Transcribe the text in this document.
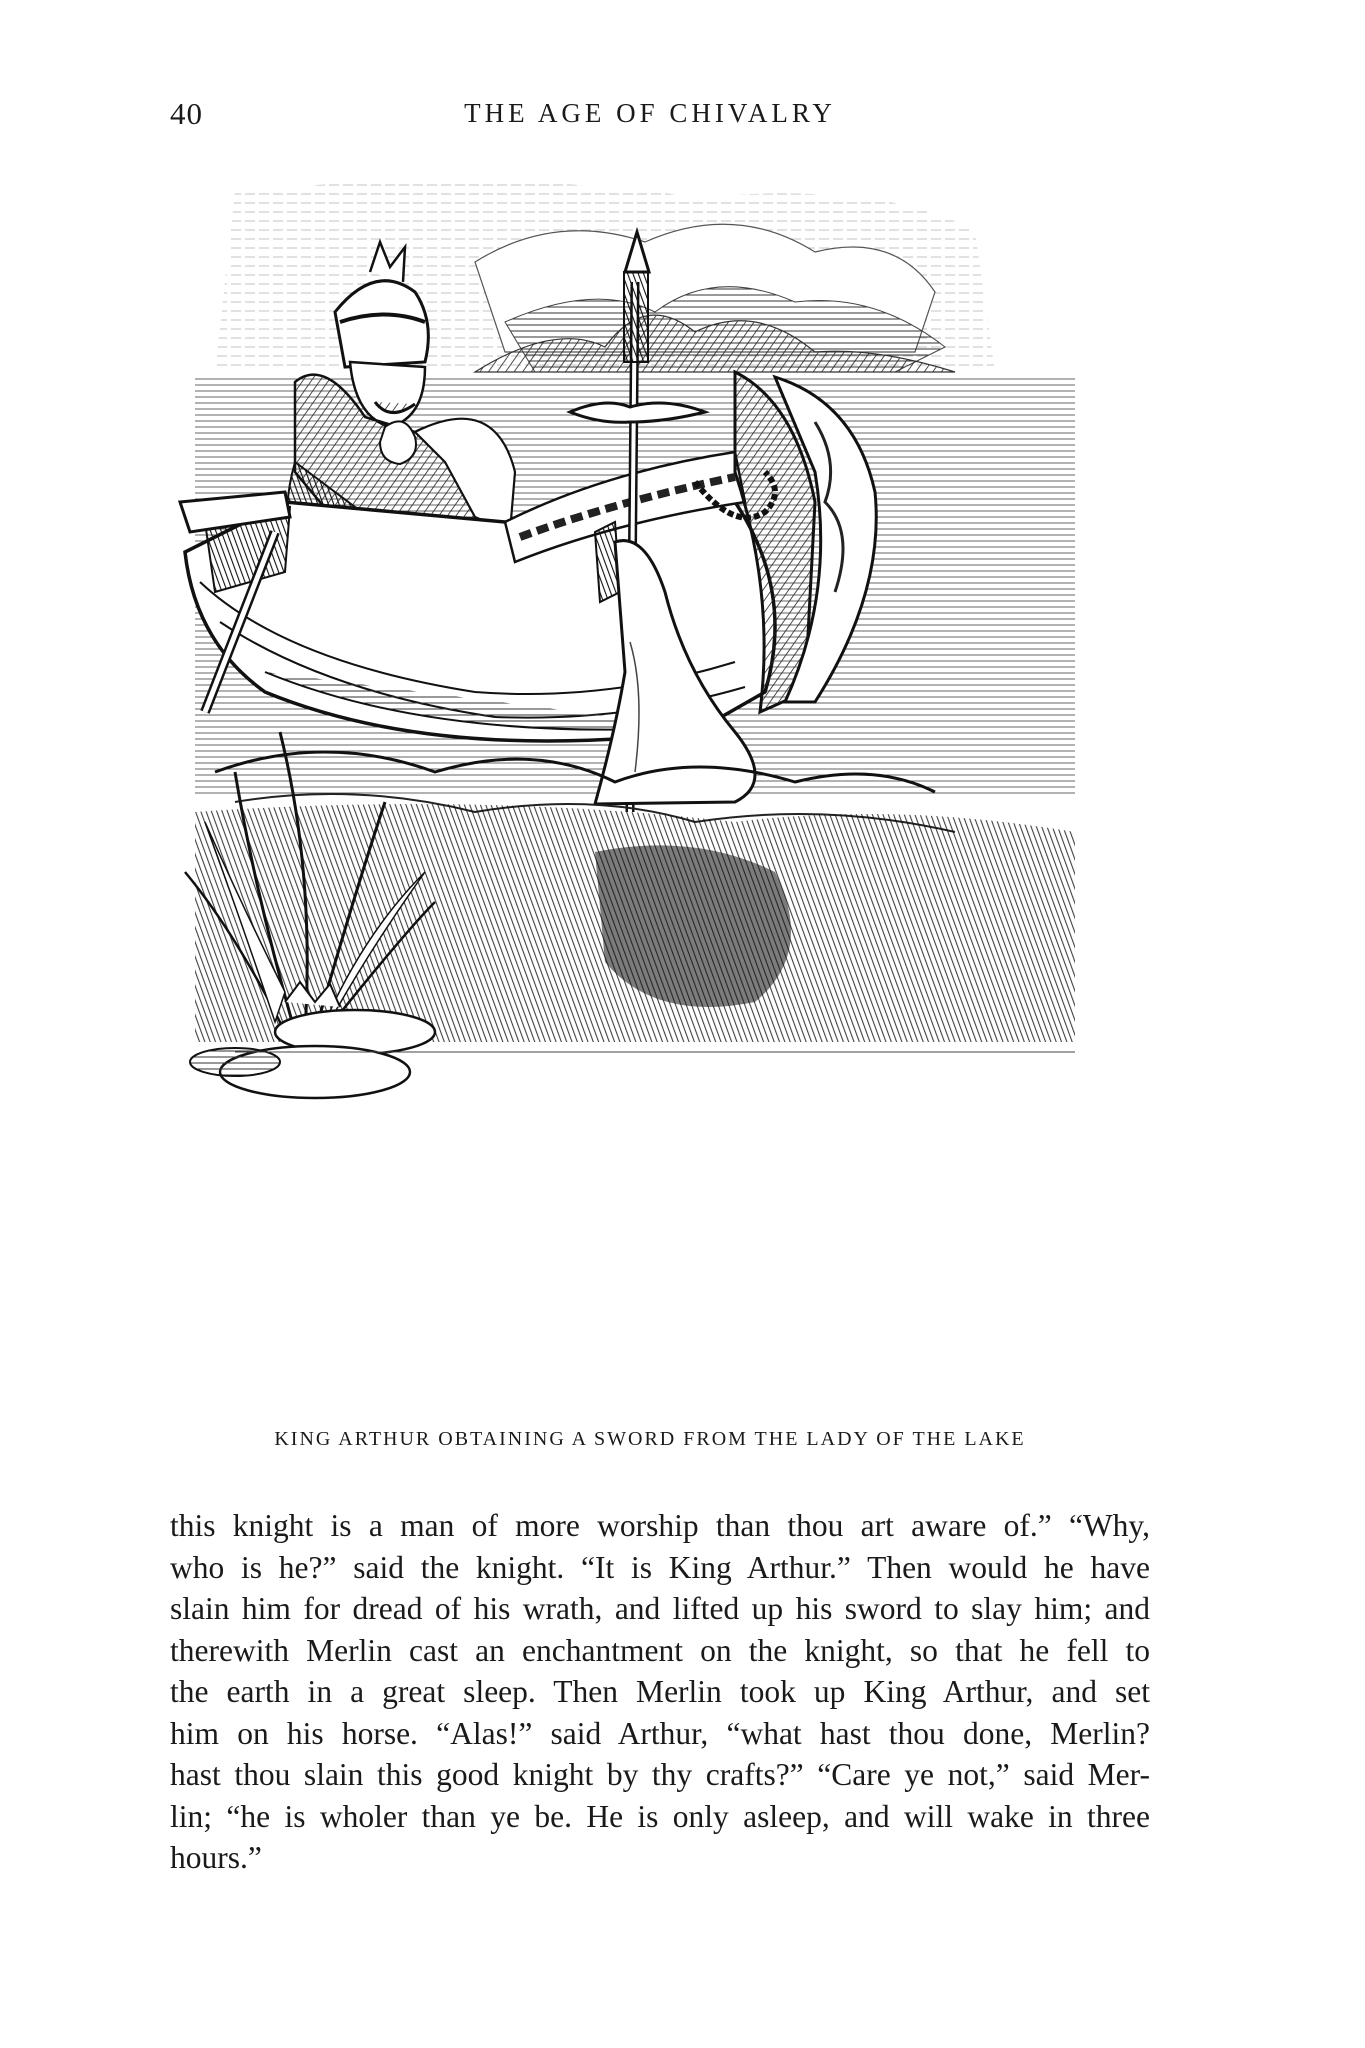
40	THE AGE OF CHIVALRY
KING ARTHUR OBTAINING A SWORD FROM THE LADY OF THE LAKE
this knight is a man of more worship than thou art aware of.” “Why,
who is he?” said the knight. “It is King Arthur.” Then would he have
slain him for dread of his wrath, and lifted up his sword to slay him; and
therewith Merlin cast an enchantment on the knight, so that he fell to
the earth in a great sleep. Then Merlin took up King Arthur, and set
him on his horse. “Alas!” said Arthur, “what hast thou done, Merlin?
hast thou slain this good knight by thy crafts?” “Care ye not,” said Mer-
lin; “he is wholer than ye be. He is only asleep, and will wake in three
hours.”
